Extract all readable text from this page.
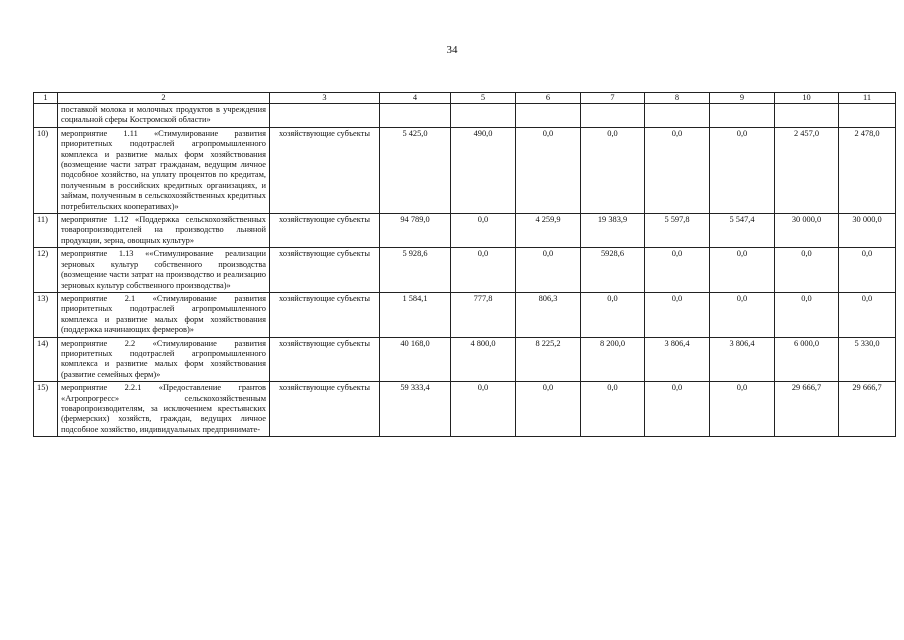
34
1	2	3	4	5	6	7	8	9	10	11
	поставкой молока и молочных продуктов в учреждения социальной сферы Костромской области»									
10)	мероприятие 1.11 «Стимулирование развития приоритетных подотраслей агропромышленного комплекса и развитие малых форм хозяйствования (возмещение части затрат гражданам, ведущим личное подсобное хозяйство, на уплату процентов по кредитам, полученным в российских кредитных организациях, и займам, полученным в сельскохозяйственных кредитных потребительских кооперативах)»	хозяйствующие субъекты	5 425,0	490,0	0,0	0,0	0,0	0,0	2 457,0	2 478,0
11)	мероприятие 1.12 «Поддержка сельскохозяйственных товаропроизводителей на производство льняной продукции, зерна, овощных культур»	хозяйствующие субъекты	94 789,0	0,0	4 259,9	19 383,9	5 597,8	5 547,4	30 000,0	30 000,0
12)	мероприятие 1.13 ««Стимулирование реализации зерновых культур собственного производства (возмещение части затрат на производство и реализацию зерновых культур собственного производства)»	хозяйствующие субъекты	5 928,6	0,0	0,0	5928,6	0,0	0,0	0,0	0,0
13)	мероприятие 2.1 «Стимулирование развития приоритетных подотраслей агропромышленного комплекса и развитие малых форм хозяйствования (поддержка начинающих фермеров)»	хозяйствующие субъекты	1 584,1	777,8	806,3	0,0	0,0	0,0	0,0	0,0
14)	мероприятие 2.2 «Стимулирование развития приоритетных подотраслей агропромышленного комплекса и развитие малых форм хозяйствования (развитие семейных ферм)»	хозяйствующие субъекты	40 168,0	4 800,0	8 225,2	8 200,0	3 806,4	3 806,4	6 000,0	5 330,0
15)	мероприятие 2.2.1 «Предоставление грантов «Агропрогресс» сельскохозяйственным товаропроизводителям, за исключением крестьянских (фермерских) хозяйств, граждан, ведущих личное подсобное хозяйство, индивидуальных предпринимате-	хозяйствующие субъекты	59 333,4	0,0	0,0	0,0	0,0	0,0	29 666,7	29 666,7
